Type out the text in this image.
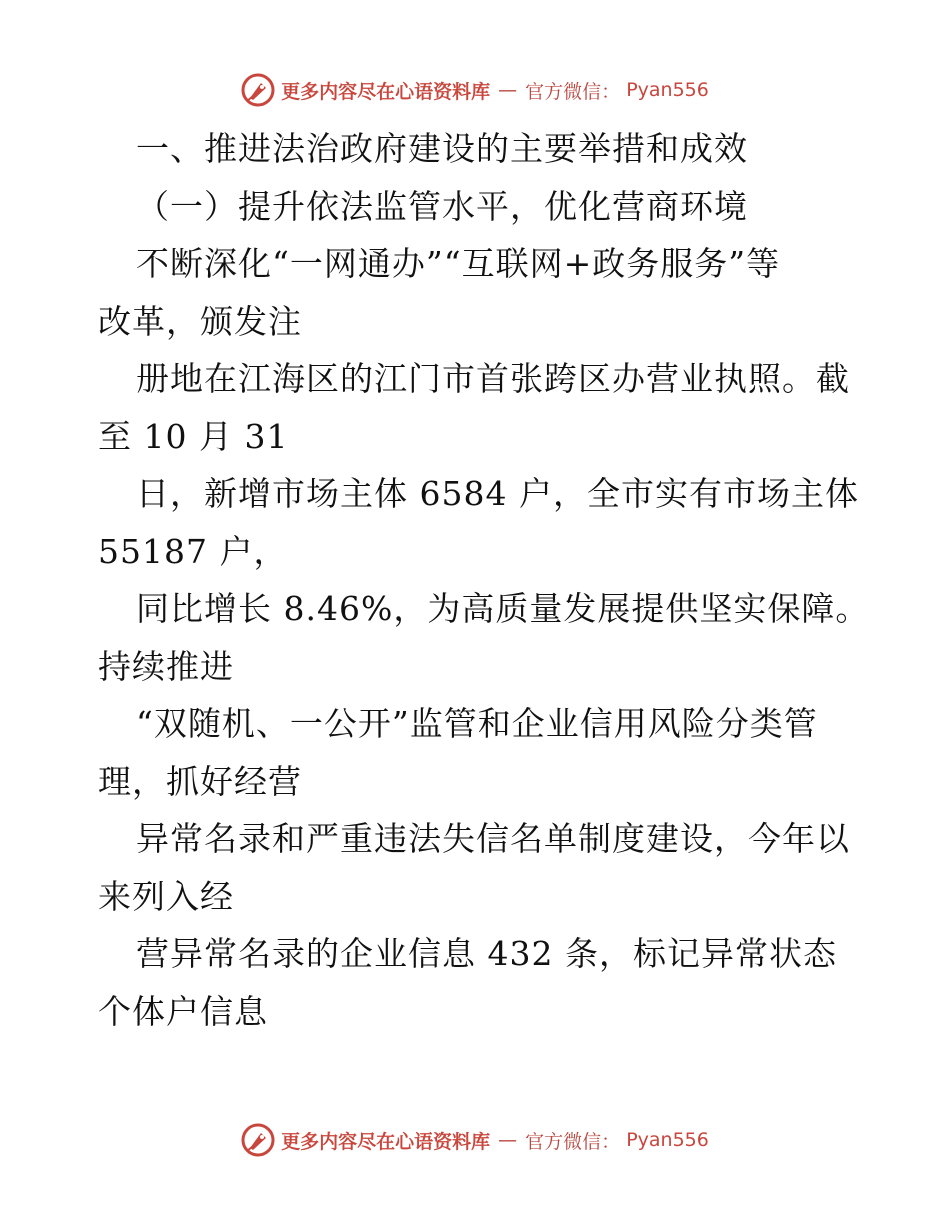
更多内容尽在心语资料库 — 官方微信： Pyan556
一、推进法治政府建设的主要举措和成效
（一）提升依法监管水平，优化营商环境
不断深化“一网通办”“互联网+政务服务”等
改革，颁发注
册地在江海区的江门市首张跨区办营业执照。截
至 10 月 31
日，新增市场主体 6584 户，全市实有市场主体
55187 户，
同比增长 8.46%，为高质量发展提供坚实保障。
持续推进
“双随机、一公开”监管和企业信用风险分类管
理，抓好经营
异常名录和严重违法失信名单制度建设，今年以
来列入经
营异常名录的企业信息 432 条，标记异常状态
个体户信息
更多内容尽在心语资料库 — 官方微信： Pyan556
